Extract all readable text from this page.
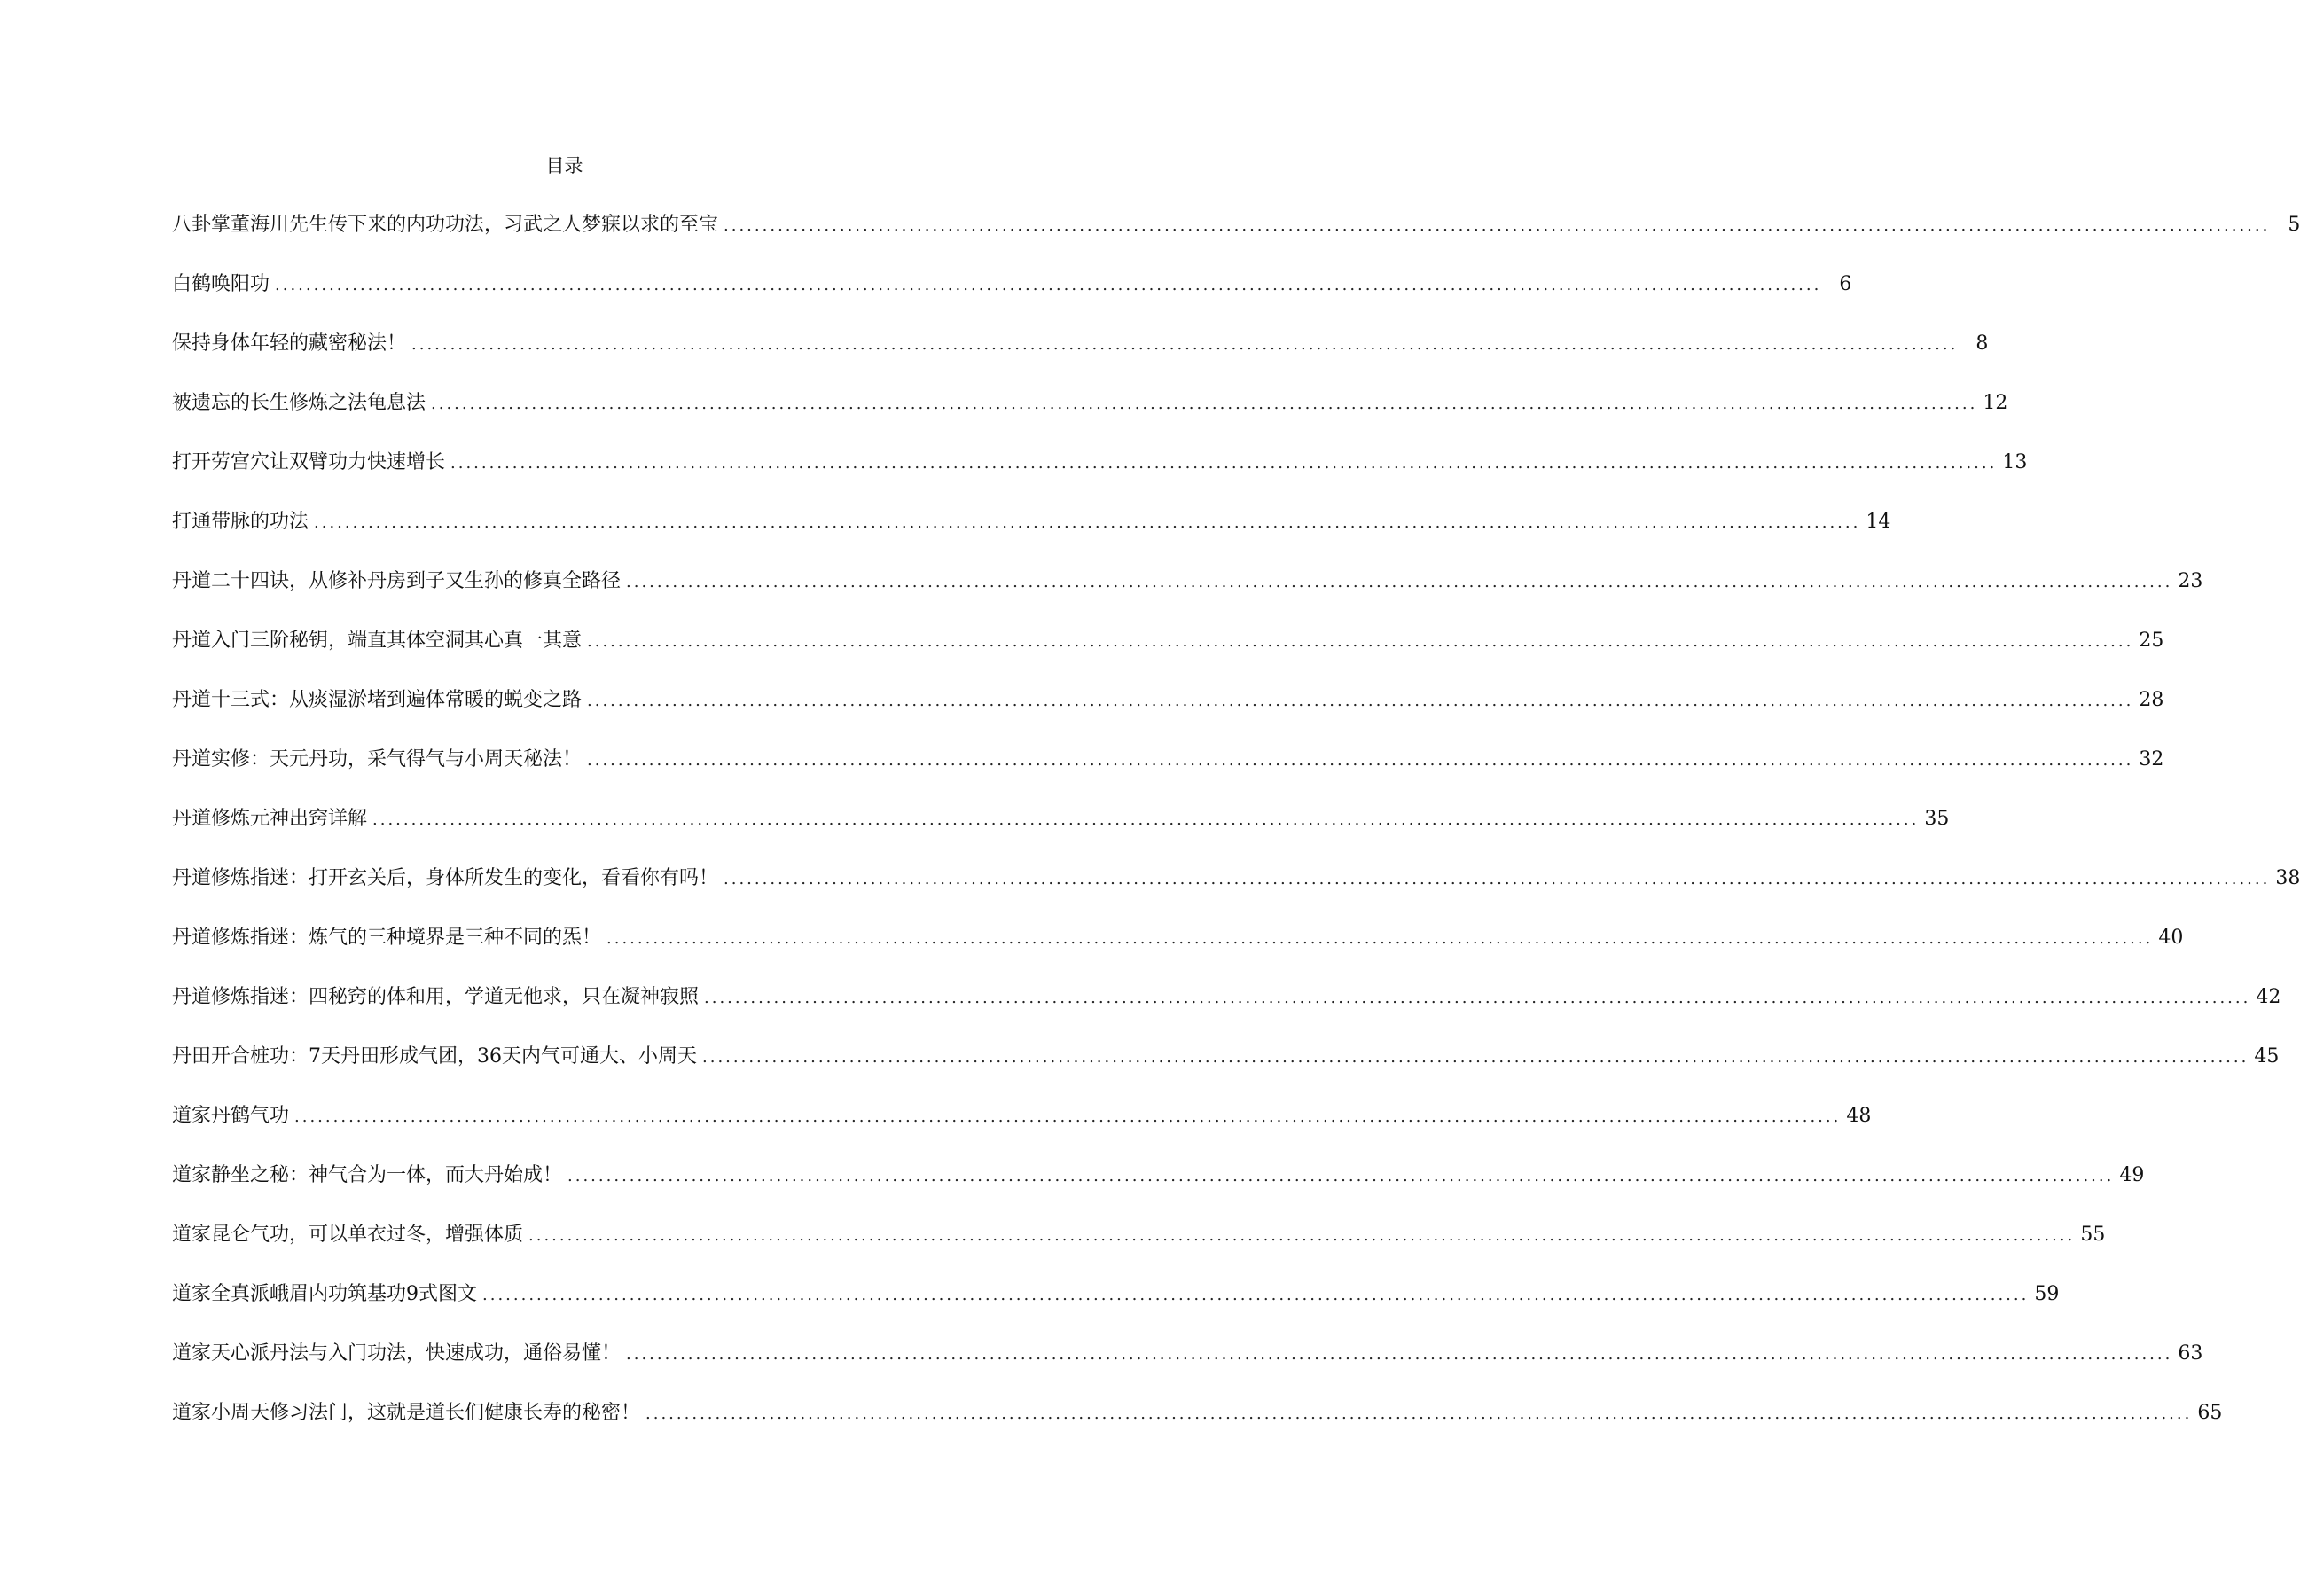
目录
八卦掌董海川先生传下来的内功功法，习武之人梦寐以求的至宝 ........................................................................................................................................................................................................ 5
白鹤唤阳功 ........................................................................................................................................................................................................ 6
保持身体年轻的藏密秘法！ ........................................................................................................................................................................................................ 8
被遗忘的长生修炼之法龟息法 ........................................................................................................................................................................................................ 12
打开劳宫穴让双臂功力快速增长 ........................................................................................................................................................................................................ 13
打通带脉的功法 ........................................................................................................................................................................................................ 14
丹道二十四诀，从修补丹房到子又生孙的修真全路径 ........................................................................................................................................................................................................ 23
丹道入门三阶秘钥，端直其体空洞其心真一其意 ........................................................................................................................................................................................................ 25
丹道十三式：从痰湿淤堵到遍体常暖的蜕变之路 ........................................................................................................................................................................................................ 28
丹道实修：天元丹功，采气得气与小周天秘法！ ........................................................................................................................................................................................................ 32
丹道修炼元神出窍详解 ........................................................................................................................................................................................................ 35
丹道修炼指迷：打开玄关后，身体所发生的变化，看看你有吗！ ........................................................................................................................................................................................................ 38
丹道修炼指迷：炼气的三种境界是三种不同的炁！ ........................................................................................................................................................................................................ 40
丹道修炼指迷：四秘窍的体和用，学道无他求，只在凝神寂照 ........................................................................................................................................................................................................ 42
丹田开合桩功：7天丹田形成气团，36天内气可通大、小周天 ........................................................................................................................................................................................................ 45
道家丹鹤气功 ........................................................................................................................................................................................................ 48
道家静坐之秘：神气合为一体，而大丹始成！ ........................................................................................................................................................................................................ 49
道家昆仑气功，可以单衣过冬，增强体质 ........................................................................................................................................................................................................ 55
道家全真派峨眉内功筑基功9式图文 ........................................................................................................................................................................................................ 59
道家天心派丹法与入门功法，快速成功，通俗易懂！ ........................................................................................................................................................................................................ 63
道家小周天修习法门，这就是道长们健康长寿的秘密！ ........................................................................................................................................................................................................ 65
